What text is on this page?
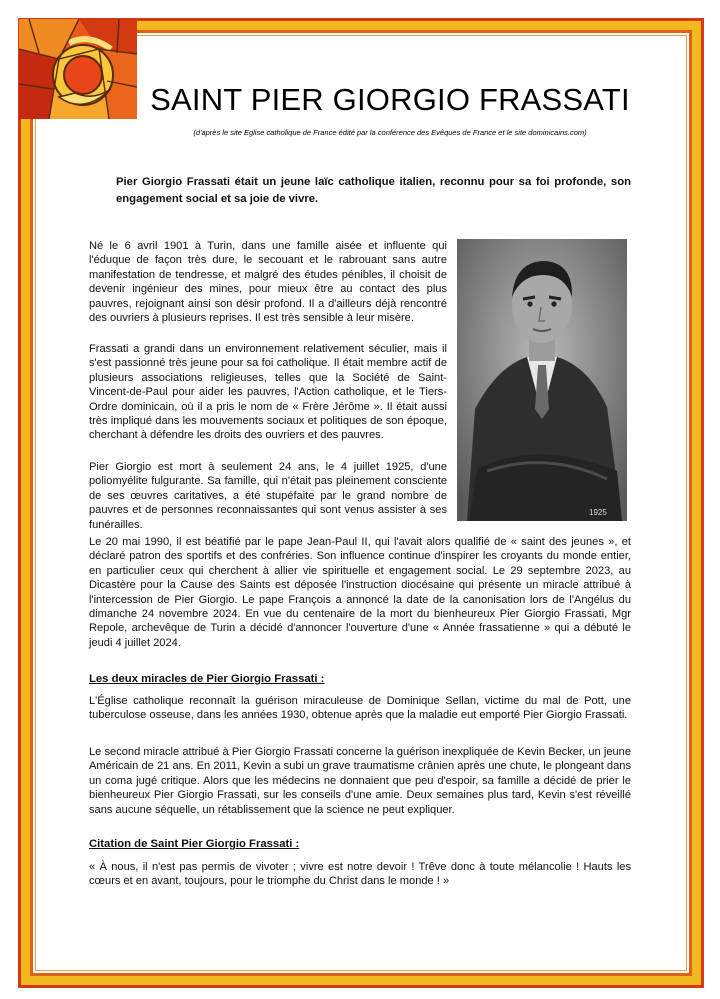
SAINT PIER GIORGIO FRASSATI
(d'après le site Eglise catholique de France édité par la conférence des Evêques de France et le site dominicains.com)

Pier Giorgio Frassati était un jeune laïc catholique italien, reconnu pour sa foi profonde, son engagement social et sa joie de vivre.

Né le 6 avril 1901 à Turin, dans une famille aisée et influente qui l'éduque de façon très dure, le secouant et le rabrouant sans autre manifestation de tendresse, et malgré des études pénibles, il choisit de devenir ingénieur des mines, pour mieux être au contact des plus pauvres, rejoignant ainsi son désir profond. Il a d'ailleurs déjà rencontré des ouvriers à plusieurs reprises. Il est très sensible à leur misère.

Frassati a grandi dans un environnement relativement séculier, mais il s'est passionné très jeune pour sa foi catholique. Il était membre actif de plusieurs associations religieuses, telles que la Société de Saint-Vincent-de-Paul pour aider les pauvres, l'Action catholique, et le Tiers-Ordre dominicain, où il a pris le nom de « Frère Jérôme ». Il était aussi très impliqué dans les mouvements sociaux et politiques de son époque, cherchant à défendre les droits des ouvriers et des pauvres.

Pier Giorgio est mort à seulement 24 ans, le 4 juillet 1925, d'une poliomyélite fulgurante. Sa famille, qui n'était pas pleinement consciente de ses œuvres caritatives, a été stupéfaite par le grand nombre de pauvres et de personnes reconnaissantes qui sont venus assister à ses funérailles.

Le 20 mai 1990, il est béatifié par le pape Jean-Paul II, qui l'avait alors qualifié de « saint des jeunes », et déclaré patron des sportifs et des confréries. Son influence continue d'inspirer les croyants du monde entier, en particulier ceux qui cherchent à allier vie spirituelle et engagement social. Le 29 septembre 2023, au Dicastère pour la Cause des Saints est déposée l'instruction diocésaine qui présente un miracle attribué à l'intercession de Pier Giorgio. Le pape François a annoncé la date de la canonisation lors de l'Angélus du dimanche 24 novembre 2024. En vue du centenaire de la mort du bienheureux Pier Giorgio Frassati, Mgr Repole, archevêque de Turin a décidé d'annoncer l'ouverture d'une « Année frassatienne » qui a débuté le jeudi 4 juillet 2024.

1925

Les deux miracles de Pier Giorgio Frassati :

L'Église catholique reconnaît la guérison miraculeuse de Dominique Sellan, victime du mal de Pott, une tuberculose osseuse, dans les années 1930, obtenue après que la maladie eut emporté Pier Giorgio Frassati.

Le second miracle attribué à Pier Giorgio Frassati concerne la guérison inexpliquée de Kevin Becker, un jeune Américain de 21 ans. En 2011, Kevin a subi un grave traumatisme crânien après une chute, le plongeant dans un coma jugé critique. Alors que les médecins ne donnaient que peu d'espoir, sa famille a décidé de prier le bienheureux Pier Giorgio Frassati, sur les conseils d'une amie. Deux semaines plus tard, Kevin s'est réveillé sans aucune séquelle, un rétablissement que la science ne peut expliquer.

Citation de Saint Pier Giorgio Frassati :

« À nous, il n'est pas permis de vivoter ; vivre est notre devoir ! Trêve donc à toute mélancolie ! Hauts les cœurs et en avant, toujours, pour le triomphe du Christ dans le monde ! »
